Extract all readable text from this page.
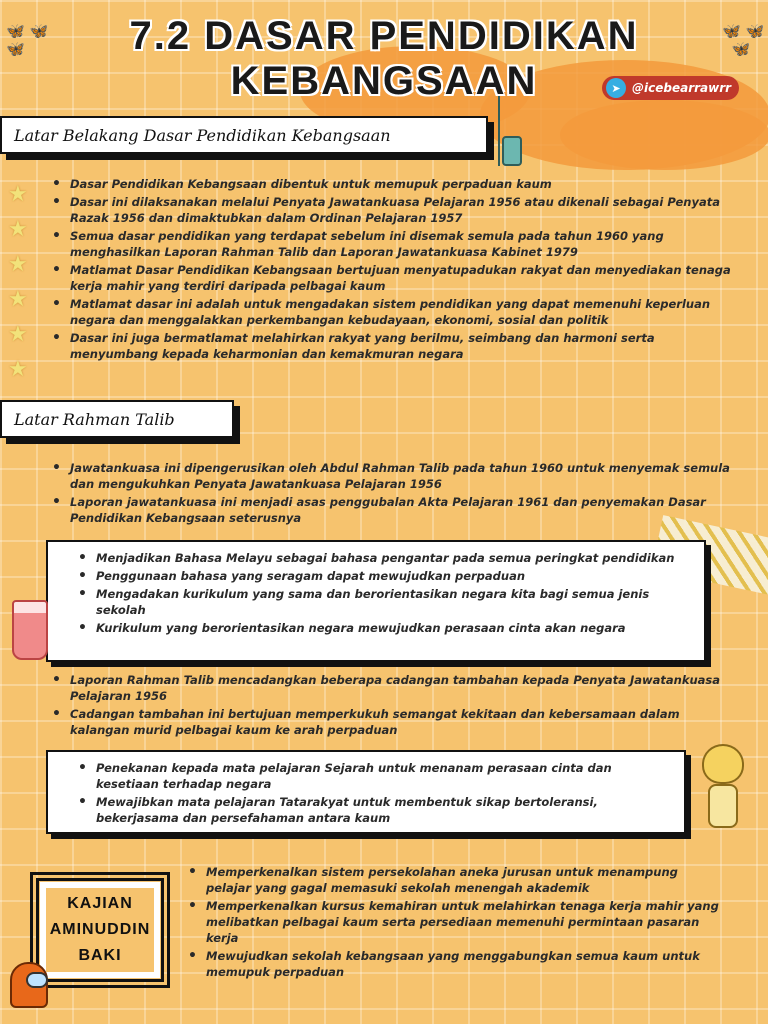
🦋 🦋
🦋
🦋 🦋
🦋
7.2 DASAR PENDIDIKAN KEBANGSAAN	➤ @icebearrawrr
Latar Belakang Dasar Pendidikan Kebangsaan
★
★
★
★
★
★
• Dasar Pendidikan Kebangsaan dibentuk untuk memupuk perpaduan kaum
• Dasar ini dilaksanakan melalui Penyata Jawatankuasa Pelajaran 1956 atau dikenali sebagai Penyata Razak 1956 dan dimaktubkan dalam Ordinan Pelajaran 1957
• Semua dasar pendidikan yang terdapat sebelum ini disemak semula pada tahun 1960 yang menghasilkan Laporan Rahman Talib dan Laporan Jawatankuasa Kabinet 1979
• Matlamat Dasar Pendidikan Kebangsaan bertujuan menyatupadukan rakyat dan menyediakan tenaga kerja mahir yang terdiri daripada pelbagai kaum
• Matlamat dasar ini adalah untuk mengadakan sistem pendidikan yang dapat memenuhi keperluan negara dan menggalakkan perkembangan kebudayaan, ekonomi, sosial dan politik
• Dasar ini juga bermatlamat melahirkan rakyat yang berilmu, seimbang dan harmoni serta menyumbang kepada keharmonian dan kemakmuran negara
Latar Rahman Talib
• Jawatankuasa ini dipengerusikan oleh Abdul Rahman Talib pada tahun 1960 untuk menyemak semula dan mengukuhkan Penyata Jawatankuasa Pelajaran 1956
• Laporan jawatankuasa ini menjadi asas penggubalan Akta Pelajaran 1961 dan penyemakan Dasar Pendidikan Kebangsaan seterusnya
• Menjadikan Bahasa Melayu sebagai bahasa pengantar pada semua peringkat pendidikan
• Penggunaan bahasa yang seragam dapat mewujudkan perpaduan
• Mengadakan kurikulum yang sama dan berorientasikan negara kita bagi semua jenis sekolah
• Kurikulum yang berorientasikan negara mewujudkan perasaan cinta akan negara
• Laporan Rahman Talib mencadangkan beberapa cadangan tambahan kepada Penyata Jawatankuasa Pelajaran 1956
• Cadangan tambahan ini bertujuan memperkukuh semangat kekitaan dan kebersamaan dalam kalangan murid pelbagai kaum ke arah perpaduan
• Penekanan kepada mata pelajaran Sejarah untuk menanam perasaan cinta dan kesetiaan terhadap negara
• Mewajibkan mata pelajaran Tatarakyat untuk membentuk sikap bertoleransi, bekerjasama dan persefahaman antara kaum
KAJIAN
AMINUDDIN
BAKI
• Memperkenalkan sistem persekolahan aneka jurusan untuk menampung pelajar yang gagal memasuki sekolah menengah akademik
• Memperkenalkan kursus kemahiran untuk melahirkan tenaga kerja mahir yang melibatkan pelbagai kaum serta persediaan memenuhi permintaan pasaran kerja
• Mewujudkan sekolah kebangsaan yang menggabungkan semua kaum untuk memupuk perpaduan
